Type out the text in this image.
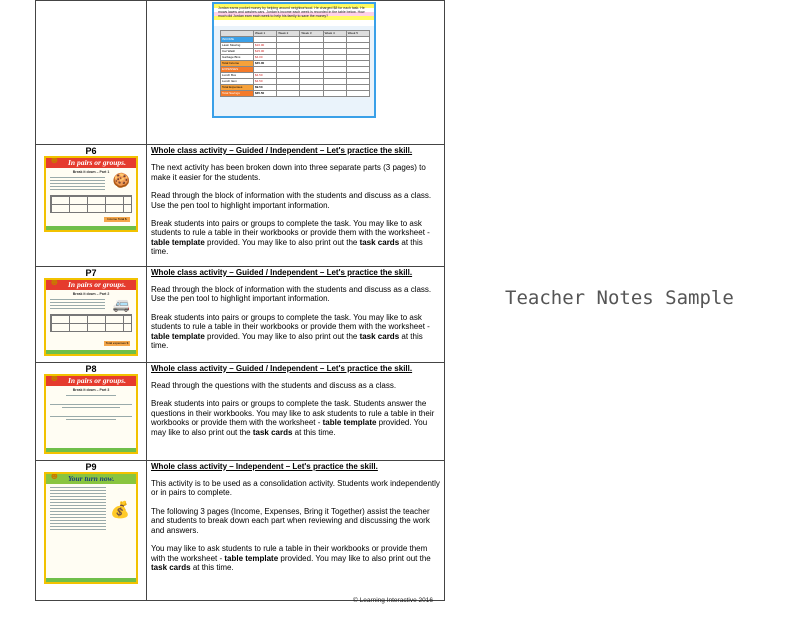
Jordan earns pocket money by helping around neighborhood. He charged $8 for each task. He mows lawns and washes cars. Jordan's income each week is recorded in the table below. How much did Jordan earn each week to help his family to save the money?
	Week 1	Week 2	Week 3	Week 4	Week 5
INCOME					
Lawn Mowing	$16.00				
Car Wash	$15.00				
Garbage Bins	$4.00				
Total Income	$45.00				
EXPENSES					
Lunch Box	$4.50				
Lunch Item	$4.50				
Total Expenses	$9.50				
Total Savings	$35.50				

P6
☻ In pairs or groups.
Break it down – Part 1 🍪
Income Total $

Whole class activity – Guided / Independent – Let's practice the skill.

The next activity has been broken down into three separate parts (3 pages) to make it easier for the students.

Read through the block of information with the students and discuss as a class. Use the pen tool to highlight important information.

Break students into pairs or groups to complete the task. You may like to ask students to rule a table in their workbooks or provide them with the worksheet - table template provided. You may like to also print out the task cards at this time.

P7
☻ In pairs or groups.
Break it down – Part 2
🚐
Total expenses $

Whole class activity – Guided / Independent – Let's practice the skill.

Read through the block of information with the students and discuss as a class. Use the pen tool to highlight important information.

Break students into pairs or groups to complete the task. You may like to ask students to rule a table in their workbooks or provide them with the worksheet - table template provided. You may like to also print out the task cards at this time.

P8
☻ In pairs or groups.
Break it down – Part 3

Whole class activity – Guided / Independent – Let's practice the skill.

Read through the questions with the students and discuss as a class.

Break students into pairs or groups to complete the task. Students answer the questions in their workbooks. You may like to ask students to rule a table in their workbooks or provide them with the worksheet - table template provided. You may like to also print out the task cards at this time.

P9
☻ Your turn now.
💰

Whole class activity – Independent – Let's practice the skill.

This activity is to be used as a consolidation activity. Students work independently or in pairs to complete.

The following 3 pages (Income, Expenses, Bring it Together) assist the teacher and students to break down each part when reviewing and discussing the work and answers.

You may like to ask students to rule a table in their workbooks or provide them with the worksheet - table template provided. You may like to also print out the task cards at this time.

Teacher Notes Sample
© Learning Interactive 2016
